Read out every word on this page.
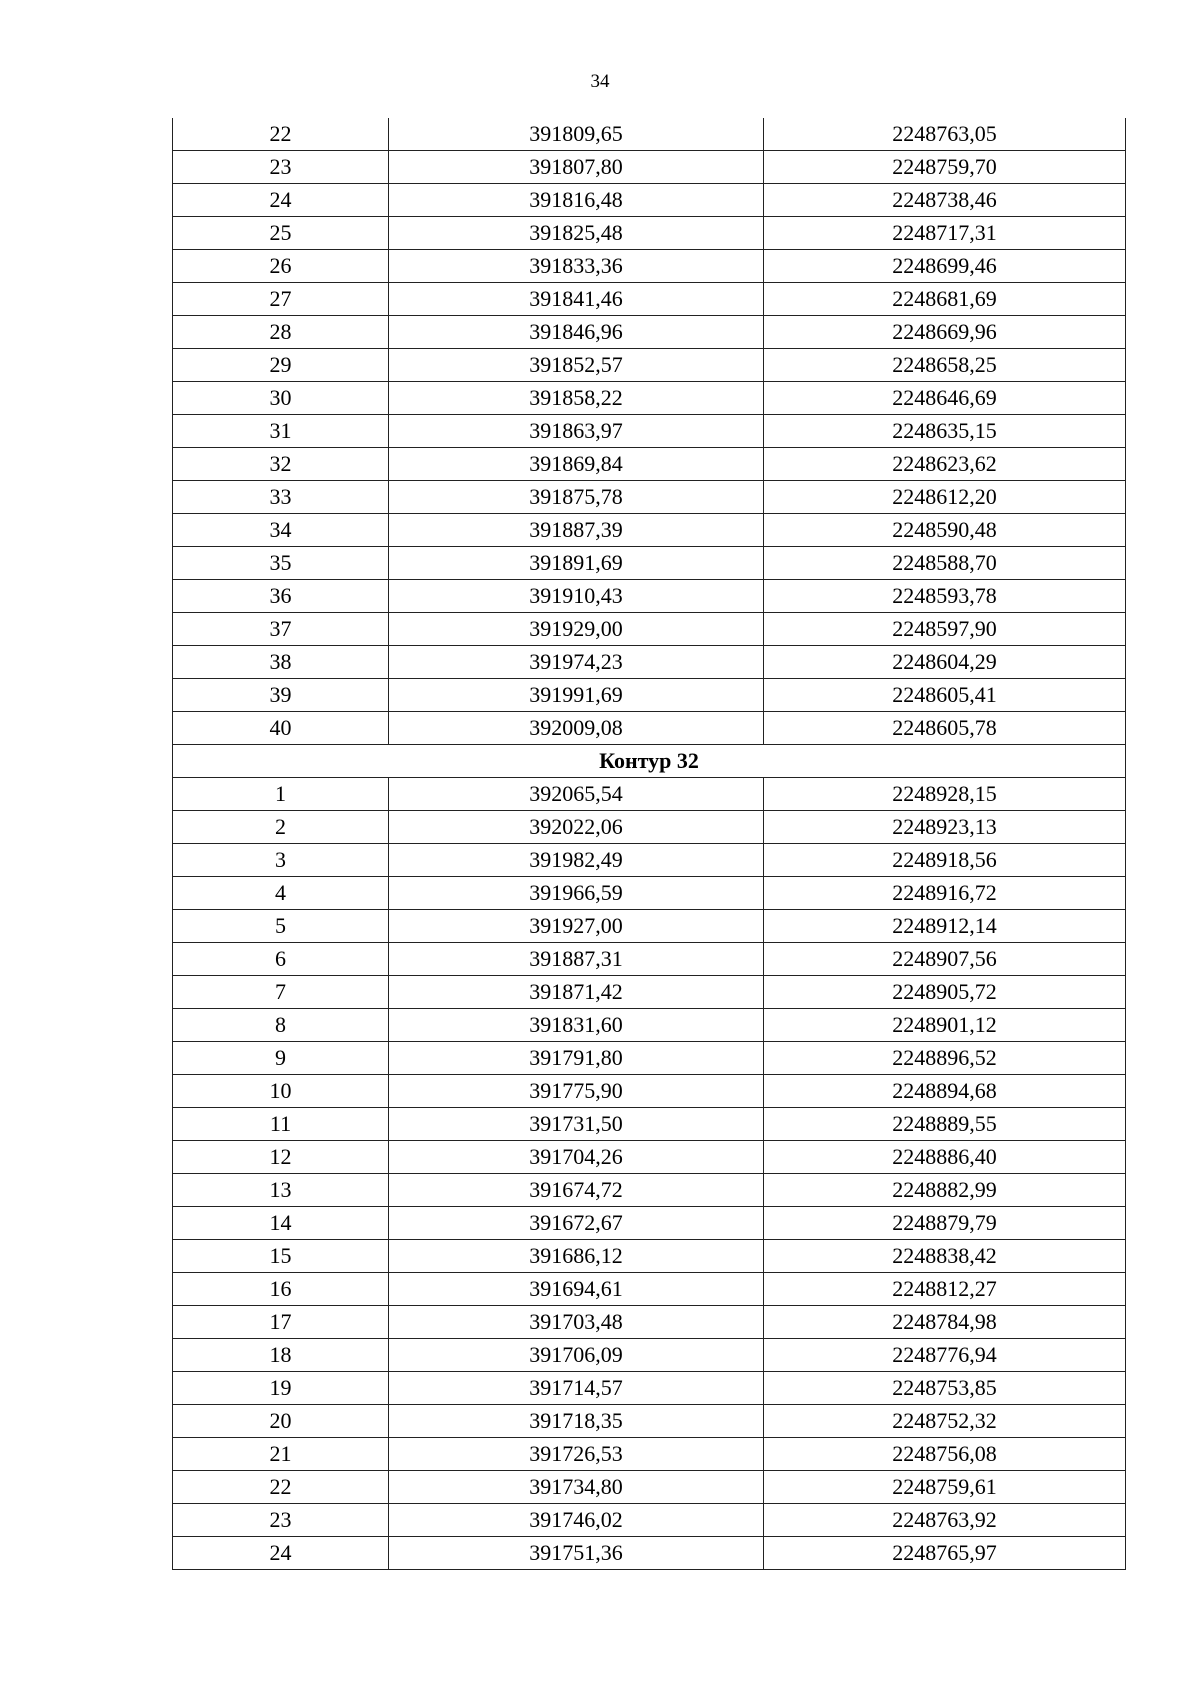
34
22	391809,65	2248763,05
23	391807,80	2248759,70
24	391816,48	2248738,46
25	391825,48	2248717,31
26	391833,36	2248699,46
27	391841,46	2248681,69
28	391846,96	2248669,96
29	391852,57	2248658,25
30	391858,22	2248646,69
31	391863,97	2248635,15
32	391869,84	2248623,62
33	391875,78	2248612,20
34	391887,39	2248590,48
35	391891,69	2248588,70
36	391910,43	2248593,78
37	391929,00	2248597,90
38	391974,23	2248604,29
39	391991,69	2248605,41
40	392009,08	2248605,78
Контур 32		
1	392065,54	2248928,15
2	392022,06	2248923,13
3	391982,49	2248918,56
4	391966,59	2248916,72
5	391927,00	2248912,14
6	391887,31	2248907,56
7	391871,42	2248905,72
8	391831,60	2248901,12
9	391791,80	2248896,52
10	391775,90	2248894,68
11	391731,50	2248889,55
12	391704,26	2248886,40
13	391674,72	2248882,99
14	391672,67	2248879,79
15	391686,12	2248838,42
16	391694,61	2248812,27
17	391703,48	2248784,98
18	391706,09	2248776,94
19	391714,57	2248753,85
20	391718,35	2248752,32
21	391726,53	2248756,08
22	391734,80	2248759,61
23	391746,02	2248763,92
24	391751,36	2248765,97
